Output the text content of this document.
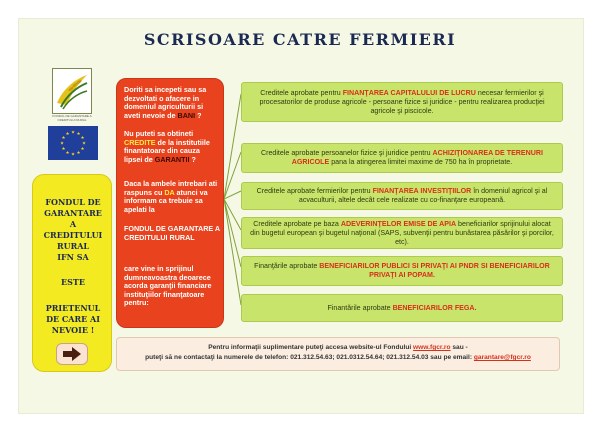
SCRISOARE CATRE FERMIERI
FONDUL DE GARANTARE A CREDITULUI RURAL
★ ★
★
★
★
★
★
★
★
★
★
★
FONDUL DE
GARANTARE
A
CREDITULUI
RURAL
IFN SA
ESTE
PRIETENUL
DE CARE AI
NEVOIE !
Doriti sa incepeti sau sa dezvoltati o afacere in domeniul agriculturii si aveti nevoie de BANI ?
Nu puteti sa obtineti CREDITE de la institutiile finantatoare din cauza lipsei de GARANTII ?
Daca la ambele intrebari ati raspuns cu DA atunci va informam ca trebuie sa apelati la
FONDUL DE GARANTARE A CREDITULUI RURAL
care vine in sprijinul dumneavoastra deoarece acorda garanţii financiare instituţiilor finanţatoare pentru:
Creditele aprobate pentru FINANŢAREA CAPITALULUI DE LUCRU necesar fermierilor şi procesatorilor de produse agricole - persoane fizice si juridice - pentru realizarea producţiei agricole şi piscicole.
Creditele aprobate persoanelor fizice şi juridice pentru ACHIZIŢIONAREA DE TERENURI AGRICOLE pana la atingerea limitei maxime de 750 ha în proprietate.
Creditele aprobate fermierilor pentru FINANŢAREA INVESTIŢIILOR în domeniul agricol şi al acvaculturii, altele decât cele realizate cu co-finanţare europeană.
Creditele aprobate pe baza ADEVERINŢELOR EMISE DE APIA beneficiarilor sprijinului alocat din bugetul european şi bugetul naţional (SAPS, subvenţii pentru bunăstarea păsărilor şi porcilor, etc).
Finanţările aprobate BENEFICIARILOR PUBLICI SI PRIVAŢI AI PNDR SI BENEFICIARILOR PRIVAŢI AI POPAM.
Finantările aprobate BENEFICIARILOR FEGA.
Pentru informaţii suplimentare puteţi accesa website-ul Fondului www.fgcr.ro sau -
puteţi să ne contactaţi la numerele de telefon: 021.312.54.63; 021.0312.54.64; 021.312.54.03 sau pe email: garantare@fgcr.ro
